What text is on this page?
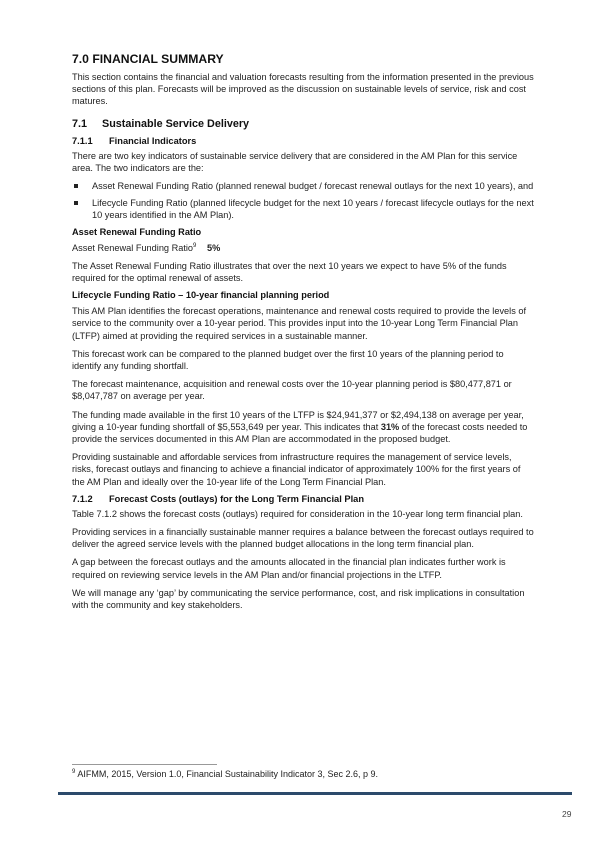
7.0 FINANCIAL SUMMARY

This section contains the financial and valuation forecasts resulting from the information presented in the previous sections of this plan. Forecasts will be improved as the discussion on sustainable levels of service, risk and cost matures.

7.1	Sustainable Service Delivery
7.1.1	Financial Indicators

There are two key indicators of sustainable service delivery that are considered in the AM Plan for this service area. The two indicators are the:

Asset Renewal Funding Ratio (planned renewal budget / forecast renewal outlays for the next 10 years), and
Lifecycle Funding Ratio (planned lifecycle budget for the next 10 years / forecast lifecycle outlays for the next 10 years identified in the AM Plan).
Asset Renewal Funding Ratio

Asset Renewal Funding Ratio$^9$ 5%

The Asset Renewal Funding Ratio illustrates that over the next 10 years we expect to have 5% of the funds required for the optimal renewal of assets.

Lifecycle Funding Ratio – 10-year financial planning period

This AM Plan identifies the forecast operations, maintenance and renewal costs required to provide the levels of service to the community over a 10-year period. This provides input into the 10-year Long Term Financial Plan (LTFP) aimed at providing the required services in a sustainable manner.

This forecast work can be compared to the planned budget over the first 10 years of the planning period to identify any funding shortfall.

The forecast maintenance, acquisition and renewal costs over the 10-year planning period is $80,477,871 or $8,047,787 on average per year.

The funding made available in the first 10 years of the LTFP is $24,941,377 or $2,494,138 on average per year, giving a 10-year funding shortfall of $5,553,649 per year. This indicates that 31% of the forecast costs needed to provide the services documented in this AM Plan are accommodated in the proposed budget.

Providing sustainable and affordable services from infrastructure requires the management of service levels, risks, forecast outlays and financing to achieve a financial indicator of approximately 100% for the first years of the AM Plan and ideally over the 10-year life of the Long Term Financial Plan.

7.1.2	Forecast Costs (outlays) for the Long Term Financial Plan

Table 7.1.2 shows the forecast costs (outlays) required for consideration in the 10-year long term financial plan.

Providing services in a financially sustainable manner requires a balance between the forecast outlays required to deliver the agreed service levels with the planned budget allocations in the long term financial plan.

A gap between the forecast outlays and the amounts allocated in the financial plan indicates further work is required on reviewing service levels in the AM Plan and/or financial projections in the LTFP.

We will manage any ‘gap’ by communicating the service performance, cost, and risk implications in consultation with the community and key stakeholders.

$^9$ AIFMM, 2015, Version 1.0, Financial Sustainability Indicator 3, Sec 2.6, p 9.
29
